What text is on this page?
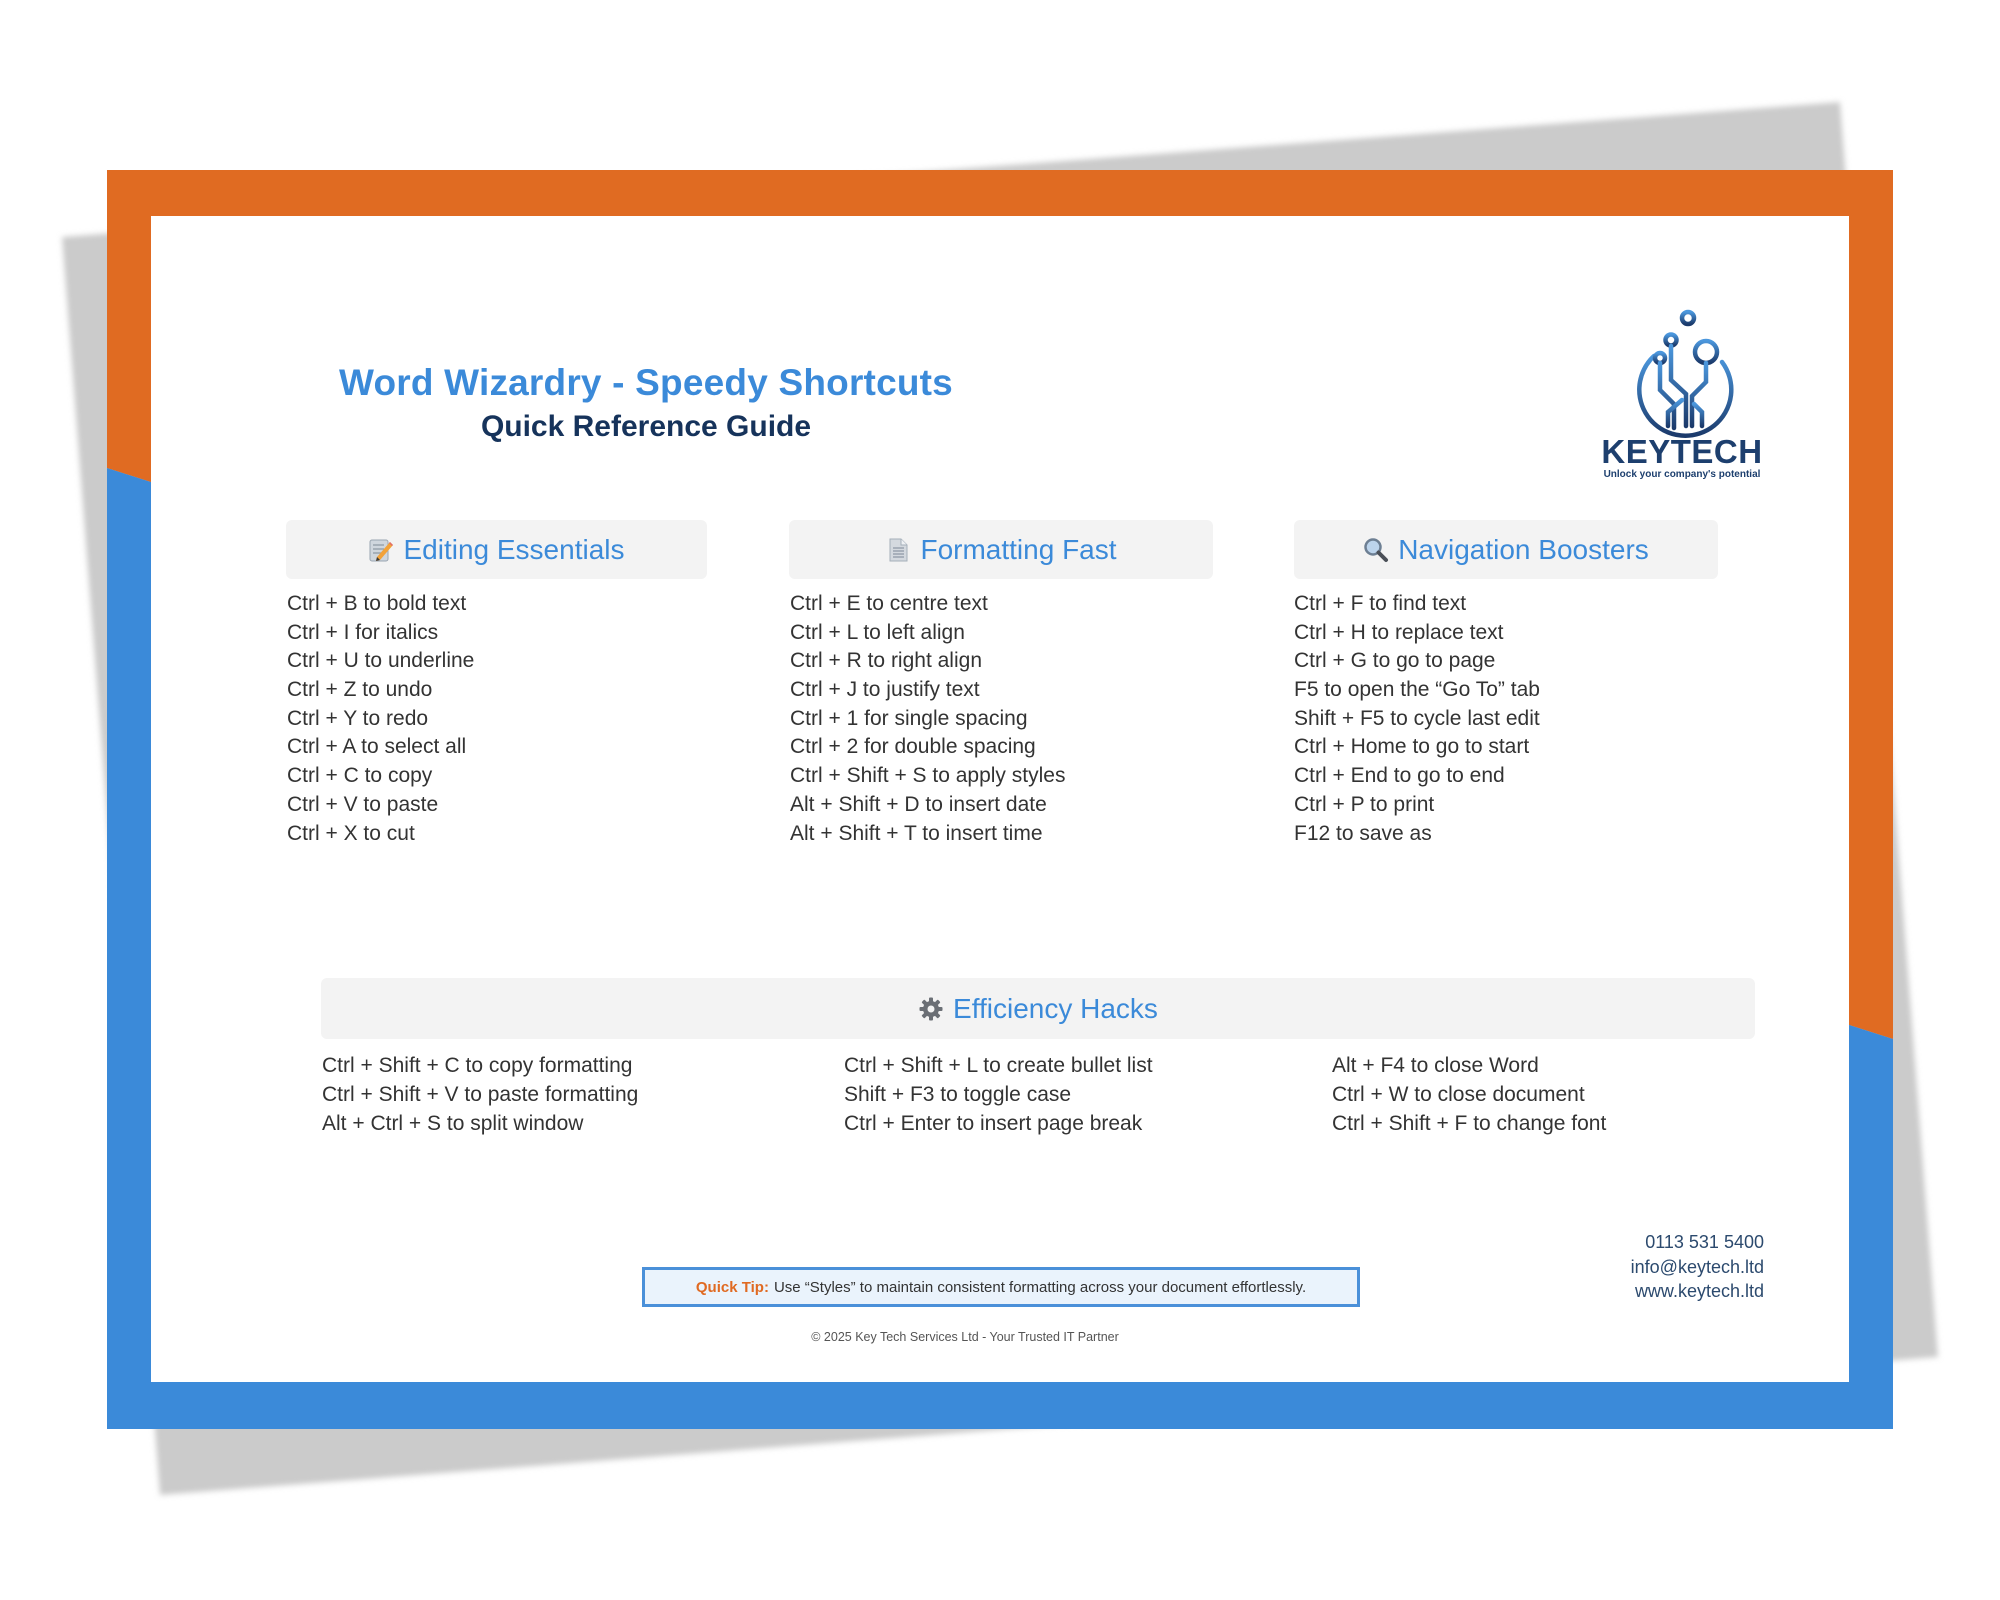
Word Wizardry - Speedy Shortcuts
Quick Reference Guide
KEYTECH
Unlock your company's potential
Editing Essentials
Ctrl + B to bold text
Ctrl + I for italics
Ctrl + U to underline
Ctrl + Z to undo
Ctrl + Y to redo
Ctrl + A to select all
Ctrl + C to copy
Ctrl + V to paste
Ctrl + X to cut
Formatting Fast
Ctrl + E to centre text
Ctrl + L to left align
Ctrl + R to right align
Ctrl + J to justify text
Ctrl + 1 for single spacing
Ctrl + 2 for double spacing
Ctrl + Shift + S to apply styles
Alt + Shift + D to insert date
Alt + Shift + T to insert time
Navigation Boosters
Ctrl + F to find text
Ctrl + H to replace text
Ctrl + G to go to page
F5 to open the “Go To” tab
Shift + F5 to cycle last edit
Ctrl + Home to go to start
Ctrl + End to go to end
Ctrl + P to print
F12 to save as
Efficiency Hacks
Ctrl + Shift + C to copy formatting
Ctrl + Shift + V to paste formatting
Alt + Ctrl + S to split window
Ctrl + Shift + L to create bullet list
Shift + F3 to toggle case
Ctrl + Enter to insert page break
Alt + F4 to close Word
Ctrl + W to close document
Ctrl + Shift + F to change font
Quick Tip: Use “Styles” to maintain consistent formatting across your document effortlessly.
© 2025 Key Tech Services Ltd - Your Trusted IT Partner
0113 531 5400
info@keytech.ltd
www.keytech.ltd
